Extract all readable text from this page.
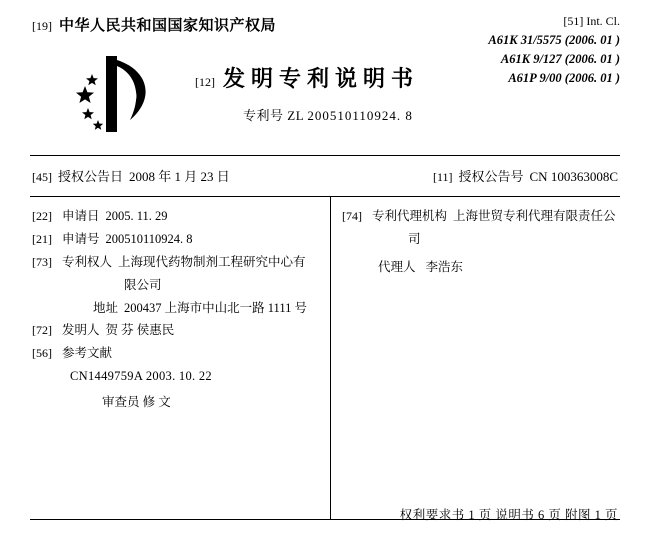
[19] 中华人民共和国国家知识产权局	[51] Int. Cl.
A61K 31/5575 (2006. 01 )
A61K 9/127 (2006. 01 )
A61P 9/00 (2006. 01 )
[12] 发明专利说明书
专利号 ZL 200510110924. 8
[45] 授权公告日 2008 年 1 月 23 日	[11] 授权公告号 CN 100363008C
[22] 申请日 2005. 11. 29
[21] 申请号 200510110924. 8
[73] 专利权人 上海现代药物制剂工程研究中心有
限公司
地址 200437 上海市中山北一路 1111 号
[72] 发明人 贺 芬 侯惠民
[56] 参考文献
CN1449759A 2003. 10. 22
审查员 修 文
[74] 专利代理机构 上海世贸专利代理有限责任公
司
代理人 李浩东
权利要求书 1 页 说明书 6 页 附图 1 页
